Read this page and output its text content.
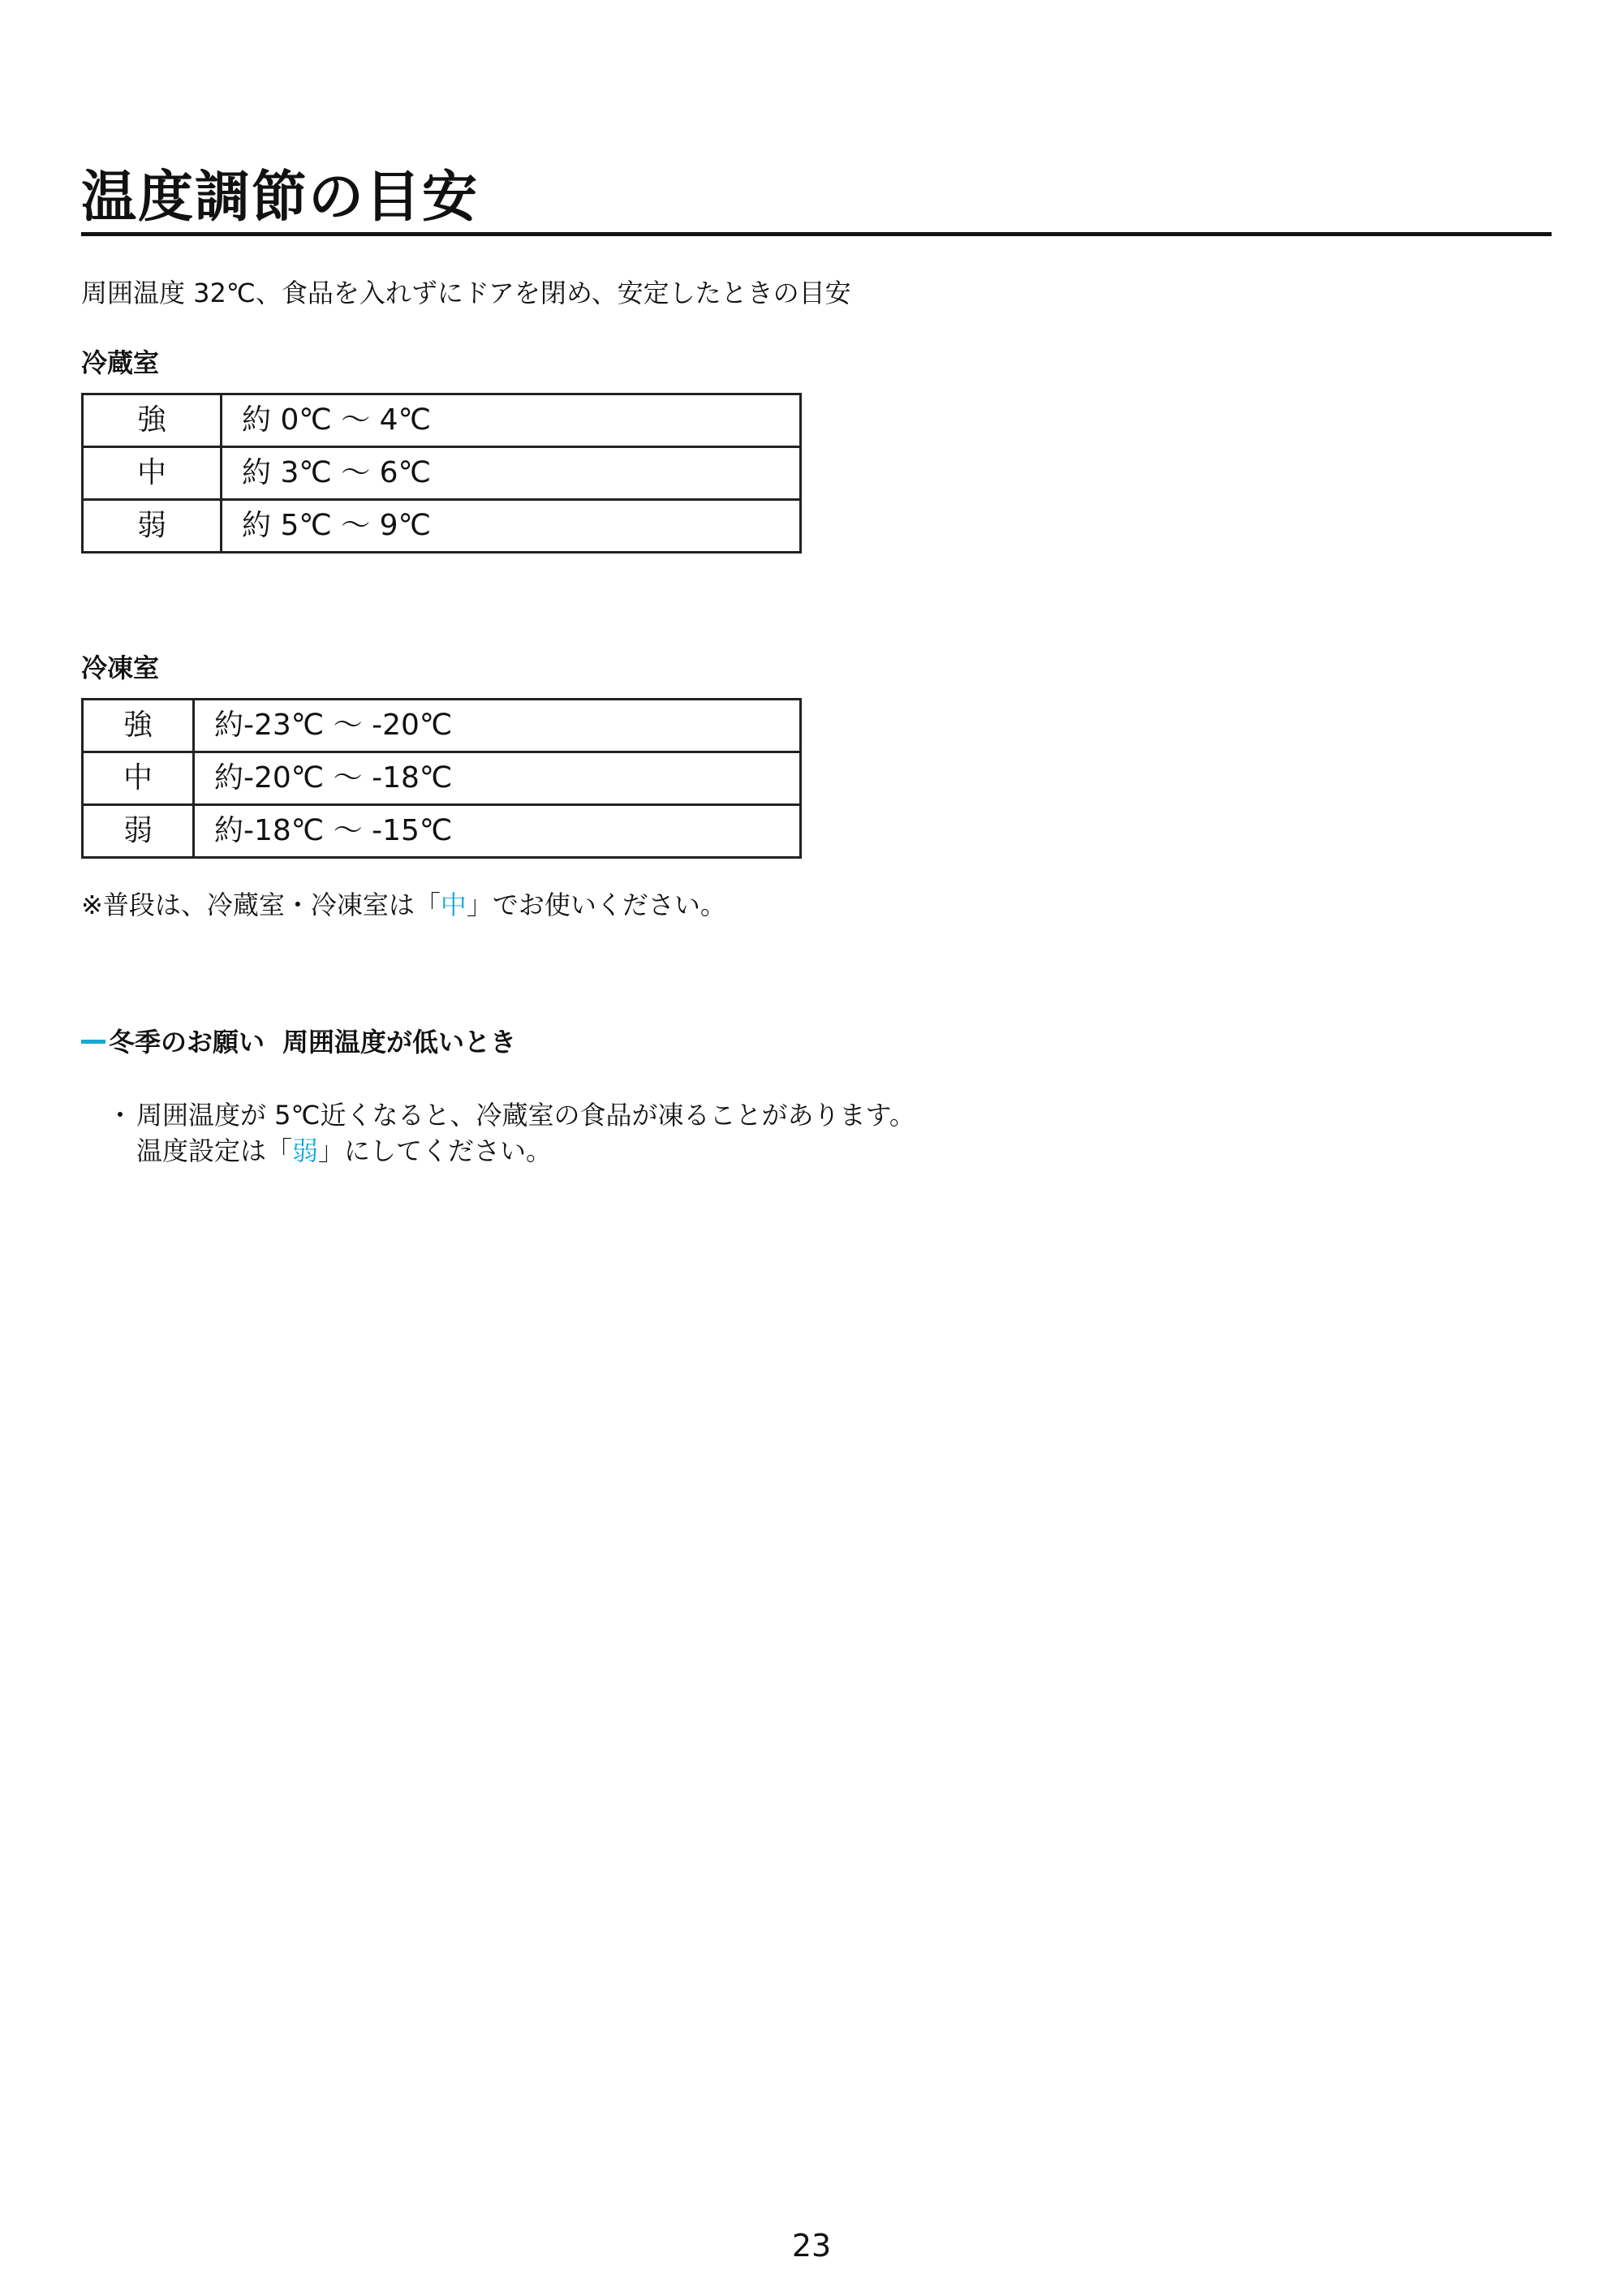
温度調節の目安
周囲温度 32℃、食品を入れずにドアを閉め、安定したときの目安
冷蔵室
強	約 0℃ ～ 4℃
中	約 3℃ ～ 6℃
弱	約 5℃ ～ 9℃
冷凍室
強	約-23℃ ～ -20℃
中	約-20℃ ～ -18℃
弱	約-18℃ ～ -15℃
※普段は、冷蔵室・冷凍室は「中」でお使いください。
冬季のお願い 周囲温度が低いとき
・ 周囲温度が 5℃近くなると、冷蔵室の食品が凍ることがあります。
温度設定は「弱」にしてください。
23
